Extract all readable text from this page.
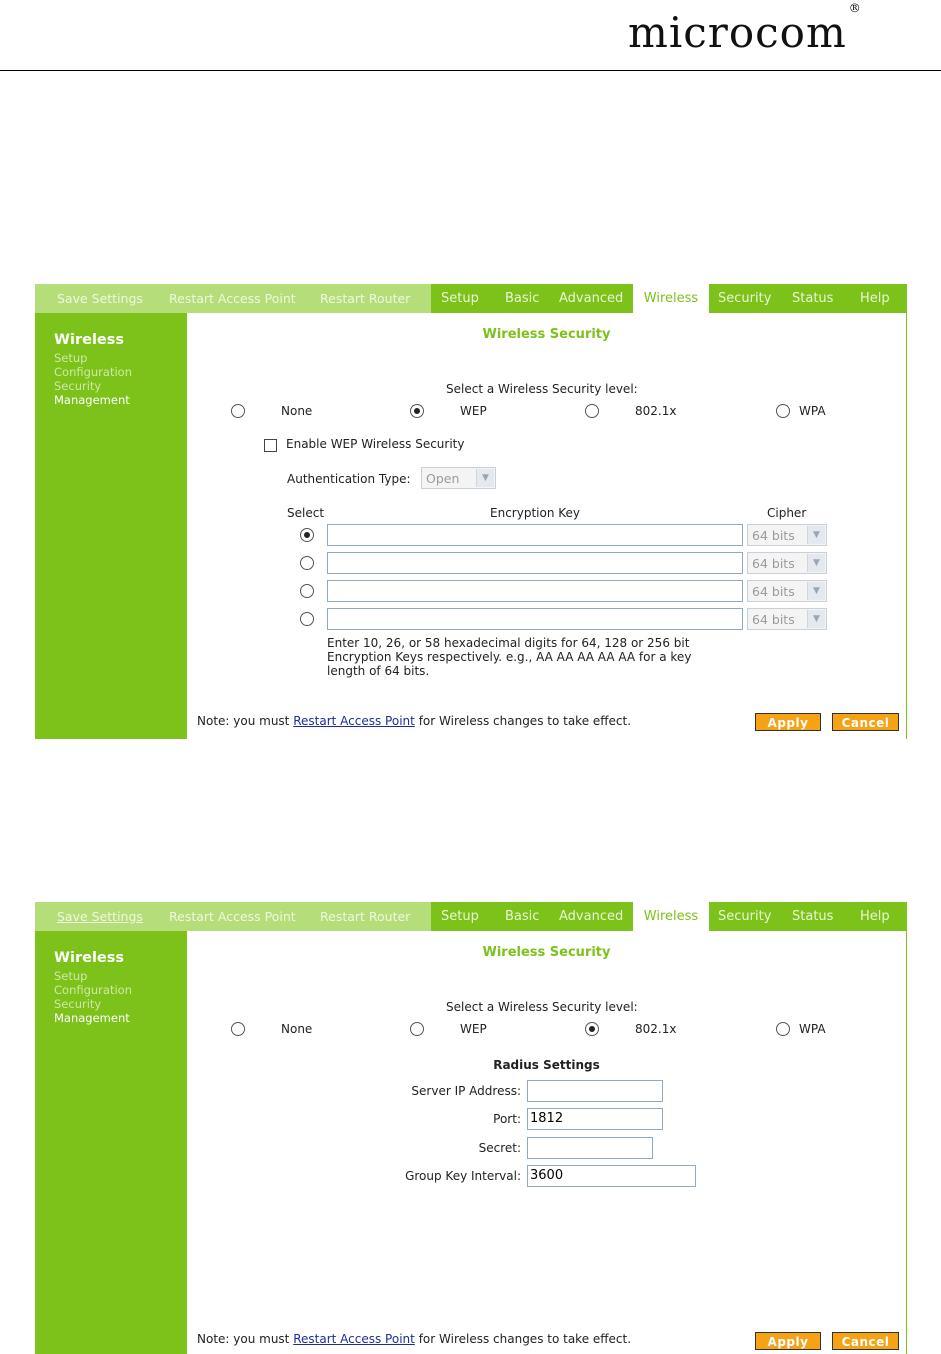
microcom ®
Save Settings Restart Access Point Restart Router Setup Basic Advanced	Wireless	Security Status Help
Wireless
Setup
Configuration
Security
Management
Wireless Security
Select a Wireless Security level:
None	WEP	802.1x	WPA
Enable WEP Wireless Security
Authentication Type:	Open	▼
Select	Encryption Key	Cipher
64 bits	▼
64 bits	▼
64 bits	▼
64 bits	▼
Enter 10, 26, or 58 hexadecimal digits for 64, 128 or 256 bit
Encryption Keys respectively. e.g., AA AA AA AA AA for a key
length of 64 bits.
Note: you must Restart Access Point for Wireless changes to take effect.	Apply	Cancel
Save Settings Restart Access Point Restart Router Setup Basic Advanced	Wireless	Security Status Help
Wireless
Setup
Configuration
Security
Management
Wireless Security
Select a Wireless Security level:
None	WEP	802.1x	WPA
Radius Settings
Server IP Address:
Port: 1812
Secret:
Group Key Interval: 3600
Note: you must Restart Access Point for Wireless changes to take effect.	Apply	Cancel
